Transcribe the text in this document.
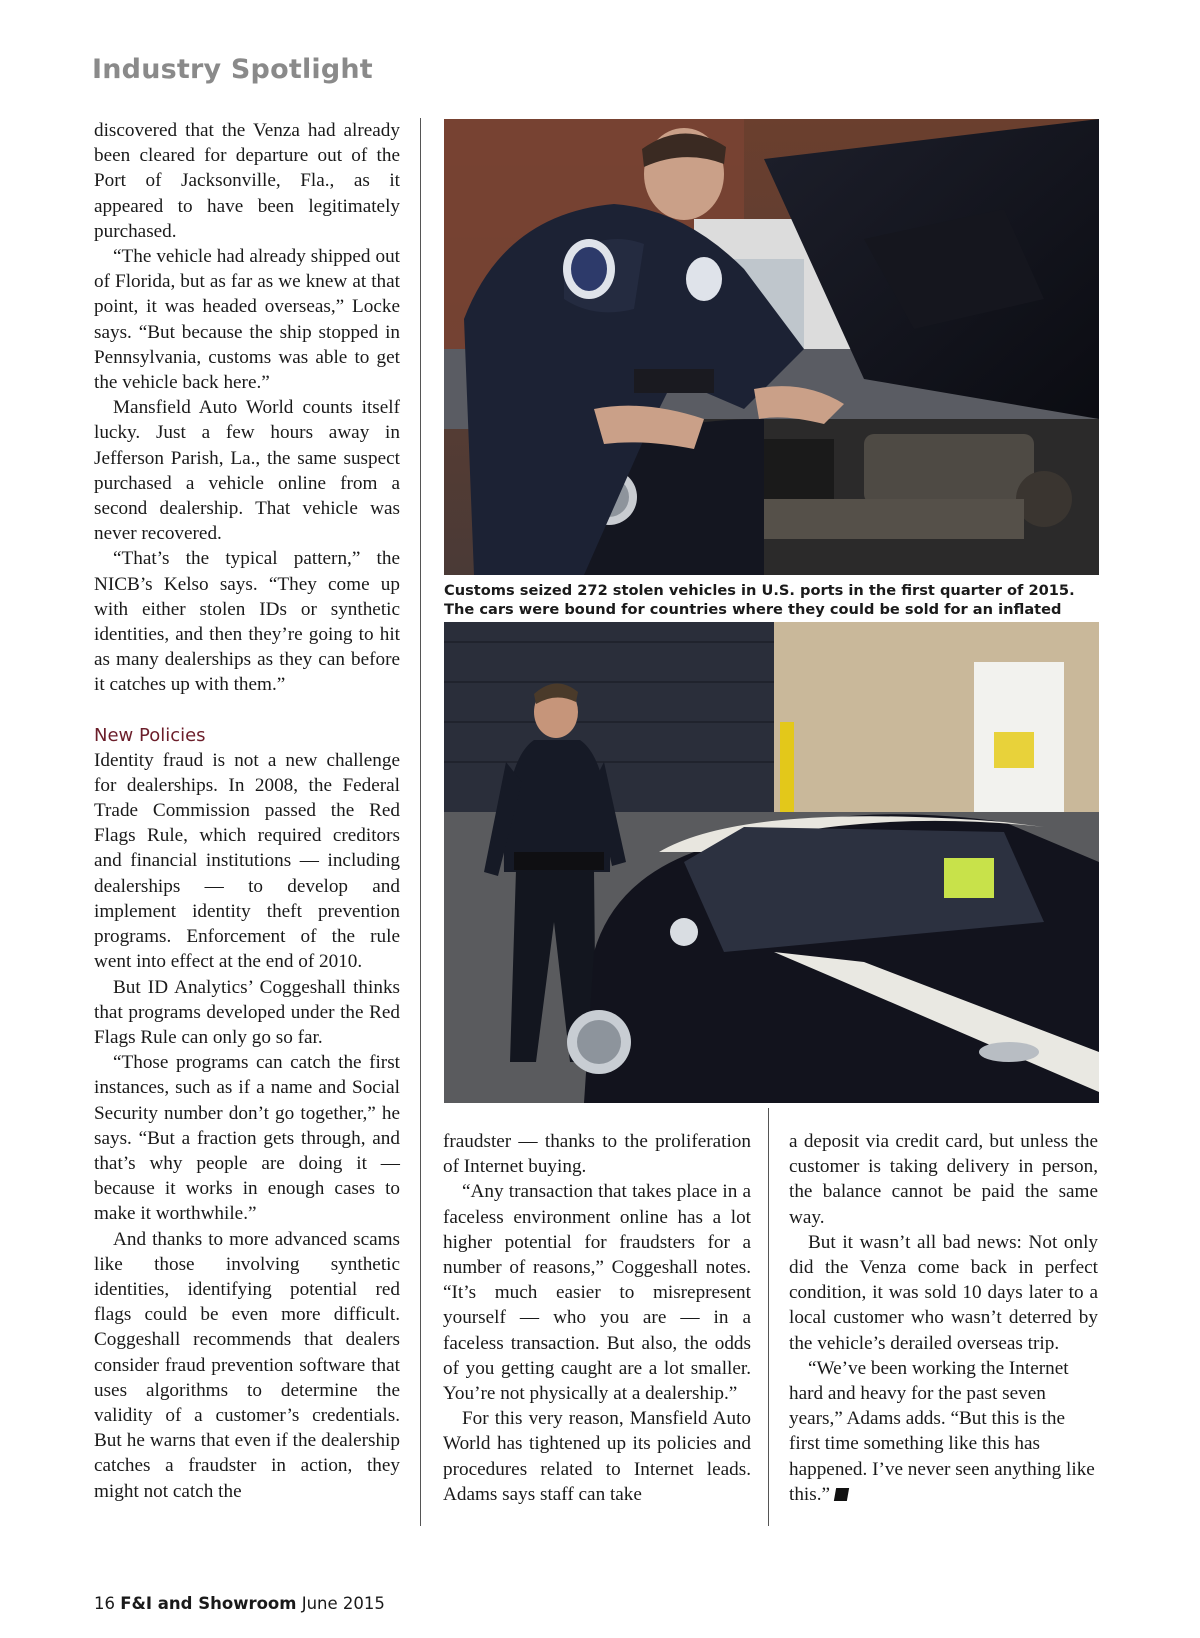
Industry Spotlight

discovered that the Venza had already been cleared for departure out of the Port of Jacksonville, Fla., as it appeared to have been legitimately purchased.

“The vehicle had already shipped out of Florida, but as far as we knew at that point, it was headed overseas,” Locke says. “But because the ship stopped in Pennsylvania, customs was able to get the vehicle back here.”

Mansfield Auto World counts itself lucky. Just a few hours away in Jefferson Parish, La., the same suspect purchased a vehicle online from a second dealership. That vehicle was never recovered.

“That’s the typical pattern,” the NICB’s Kelso says. “They come up with either stolen IDs or synthetic identities, and then they’re going to hit as many dealerships as they can before it catches up with them.”

New Policies

Identity fraud is not a new challenge for dealerships. In 2008, the Federal Trade Commission passed the Red Flags Rule, which required creditors and financial institutions — including dealerships — to develop and implement identity theft prevention programs. Enforcement of the rule went into effect at the end of 2010.

But ID Analytics’ Coggeshall thinks that programs developed under the Red Flags Rule can only go so far.

“Those programs can catch the first instances, such as if a name and Social Security number don’t go together,” he says. “But a fraction gets through, and that’s why people are doing it — because it works in enough cases to make it worthwhile.”

And thanks to more advanced scams like those involving synthetic identities, identifying potential red flags could be even more difficult. Coggeshall recommends that dealers consider fraud prevention software that uses algorithms to determine the validity of a customer’s credentials. But he warns that even if the dealership catches a fraudster in action, they might not catch the

Customs seized 272 stolen vehicles in U.S. ports in the first quarter of 2015. The cars were bound for countries where they could be sold for an inflated

fraudster — thanks to the proliferation of Internet buying.

“Any transaction that takes place in a faceless environment online has a lot higher potential for fraudsters for a number of reasons,” Coggeshall notes. “It’s much easier to misrepresent yourself — who you are — in a faceless transaction. But also, the odds of you getting caught are a lot smaller. You’re not physically at a dealership.”

For this very reason, Mansfield Auto World has tightened up its policies and procedures related to Internet leads. Adams says staff can take

a deposit via credit card, but unless the customer is taking delivery in person, the balance cannot be paid the same way.

But it wasn’t all bad news: Not only did the Venza come back in perfect condition, it was sold 10 days later to a local customer who wasn’t deterred by the vehicle’s derailed overseas trip.

“We’ve been working the Internet hard and heavy for the past seven years,” Adams adds. “But this is the first time something like this has happened. I’ve never seen anything like this.”

16 F&I and Showroom June 2015
